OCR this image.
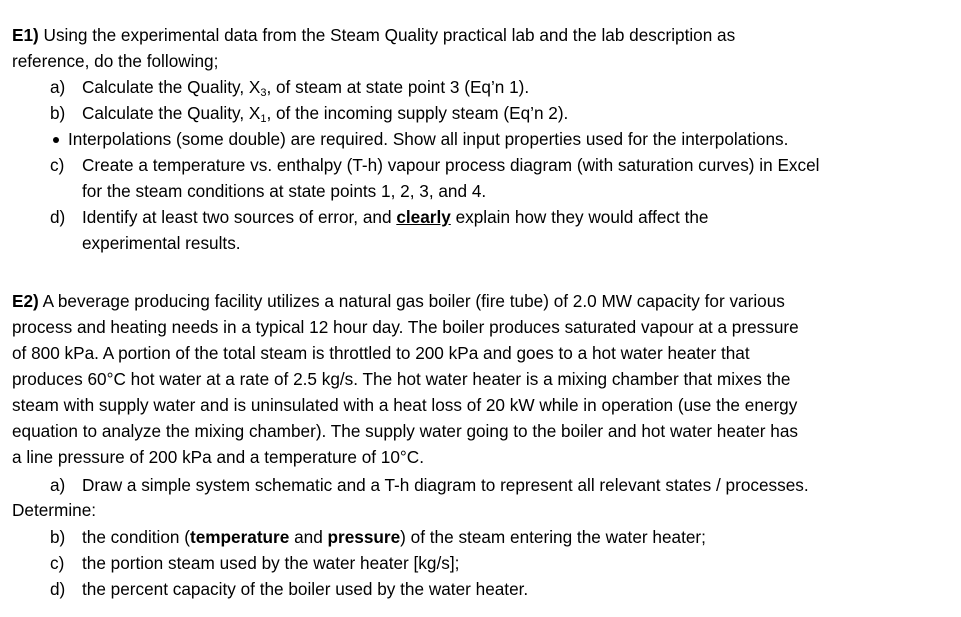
E1) Using the experimental data from the Steam Quality practical lab and the lab description as
reference, do the following;
a) Calculate the Quality, $X_3$, of steam at state point 3 (Eq’n 1).
b) Calculate the Quality, $X_1$, of the incoming supply steam (Eq’n 2).
Interpolations (some double) are required. Show all input properties used for the interpolations.
c) Create a temperature vs. enthalpy (T-h) vapour process diagram (with saturation curves) in Excel
for the steam conditions at state points 1, 2, 3, and 4.
d) Identify at least two sources of error, and clearly explain how they would affect the
experimental results.
E2) A beverage producing facility utilizes a natural gas boiler (fire tube) of 2.0 MW capacity for various
process and heating needs in a typical 12 hour day. The boiler produces saturated vapour at a pressure
of 800 kPa. A portion of the total steam is throttled to 200 kPa and goes to a hot water heater that
produces 60°C hot water at a rate of 2.5 kg/s. The hot water heater is a mixing chamber that mixes the
steam with supply water and is uninsulated with a heat loss of 20 kW while in operation (use the energy
equation to analyze the mixing chamber). The supply water going to the boiler and hot water heater has
a line pressure of 200 kPa and a temperature of 10°C.
a) Draw a simple system schematic and a T-h diagram to represent all relevant states / processes.
Determine:
b) the condition (temperature and pressure) of the steam entering the water heater;
c) the portion steam used by the water heater [kg/s];
d) the percent capacity of the boiler used by the water heater.
